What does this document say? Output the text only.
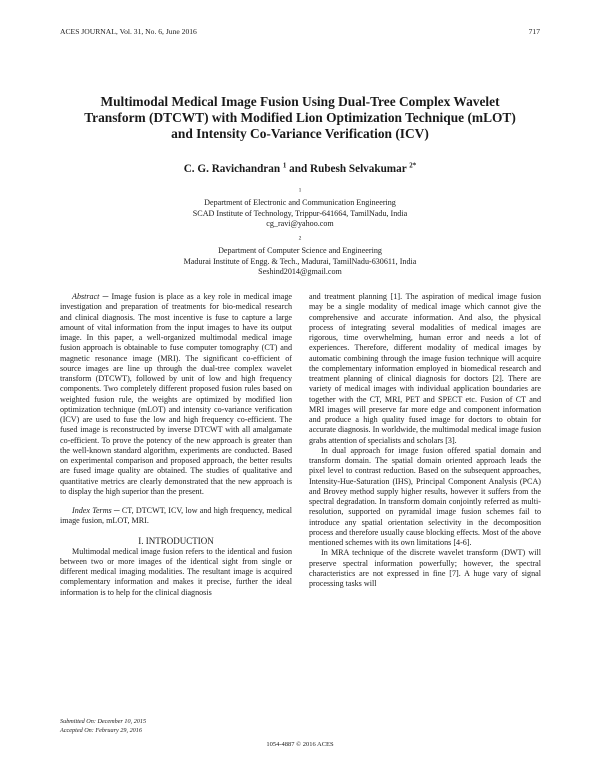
ACES JOURNAL, Vol. 31, No. 6, June 2016	717
Multimodal Medical Image Fusion Using Dual-Tree Complex Wavelet
Transform (DTCWT) with Modified Lion Optimization Technique (mLOT)
and Intensity Co-Variance Verification (ICV)

C. G. Ravichandran $^1$ and Rubesh Selvakumar $^{2*}$

$^1$
Department of Electronic and Communication Engineering
SCAD Institute of Technology, Trippur-641664, TamilNadu, India
cg_ravi@yahoo.com
$^2$
Department of Computer Science and Engineering
Madurai Institute of Engg. & Tech., Madurai, TamilNadu-630611, India
Seshind2014@gmail.com

Abstract ─ Image fusion is place as a key role in medical image investigation and preparation of treatments for bio-medical research and clinical diagnosis. The most incentive is fuse to capture a large amount of vital information from the input images to have its output image. In this paper, a well-organized multimodal medical image fusion approach is obtainable to fuse computer tomography (CT) and magnetic resonance image (MRI). The significant co-efficient of source images are line up through the dual-tree complex wavelet transform (DTCWT), followed by unit of low and high frequency components. Two completely different proposed fusion rules based on weighted fusion rule, the weights are optimized by modified lion optimization technique (mLOT) and intensity co-variance verification (ICV) are used to fuse the low and high frequency co-efficient. The fused image is reconstructed by inverse DTCWT with all amalgamate co-efficient. To prove the potency of the new approach is greater than the well-known standard algorithm, experiments are conducted. Based on experimental comparison and proposed approach, the better results are fused image quality are obtained. The studies of qualitative and quantitative metrics are clearly demonstrated that the new approach is to display the high superior than the present.

Index Terms ─ CT, DTCWT, ICV, low and high frequency, medical image fusion, mLOT, MRI.

I. INTRODUCTION

Multimodal medical image fusion refers to the identical and fusion between two or more images of the identical sight from single or different medical imaging modalities. The resultant image is acquired complementary information and makes it precise, further the ideal information is to help for the clinical diagnosis

and treatment planning [1]. The aspiration of medical image fusion may be a single modality of medical image which cannot give the comprehensive and accurate information. And also, the physical process of integrating several modalities of medical images are rigorous, time overwhelming, human error and needs a lot of experiences. Therefore, different modality of medical images by automatic combining through the image fusion technique will acquire the complementary information employed in biomedical research and treatment planning of clinical diagnosis for doctors [2]. There are variety of medical images with individual application boundaries are together with the CT, MRI, PET and SPECT etc. Fusion of CT and MRI images will preserve far more edge and component information and produce a high quality fused image for doctors to obtain for accurate diagnosis. In worldwide, the multimodal medical image fusion grabs attention of specialists and scholars [3].

In dual approach for image fusion offered spatial domain and transform domain. The spatial domain oriented approach leads the pixel level to contrast reduction. Based on the subsequent approaches, Intensity-Hue-Saturation (IHS), Principal Component Analysis (PCA) and Brovey method supply higher results, however it suffers from the spectral degradation. In transform domain conjointly referred as multi-resolution, supported on pyramidal image fusion schemes fail to introduce any spatial orientation selectivity in the decomposition process and therefore usually cause blocking effects. Most of the above mentioned schemes with its own limitations [4-6].

In MRA technique of the discrete wavelet transform (DWT) will preserve spectral information powerfully; however, the spectral characteristics are not expressed in fine [7]. A huge vary of signal processing tasks will

Submitted On: December 10, 2015
Accepted On: February 29, 2016
1054-4887 © 2016 ACES
